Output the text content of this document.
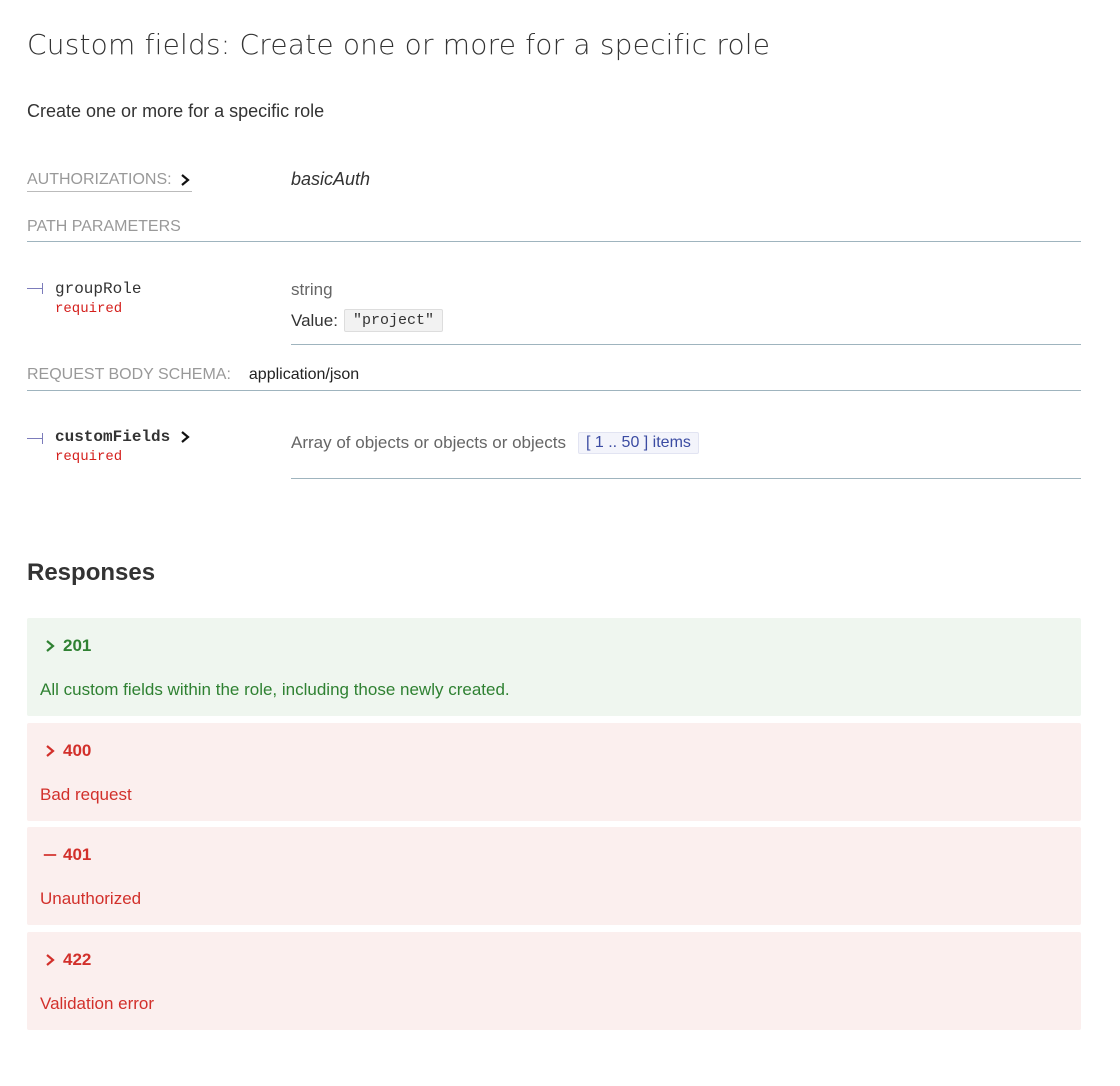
Custom fields: Create one or more for a specific role

Create one or more for a specific role

AUTHORIZATIONS:	basicAuth
PATH PARAMETERS
groupRole
required
string
Value:	"project"
REQUEST BODY SCHEMA: application/json
customFields
required
Array of objects or objects or objects	[ 1 .. 50 ] items
Responses
201
All custom fields within the role, including those newly created.
400
Bad request
401
Unauthorized
422
Validation error
